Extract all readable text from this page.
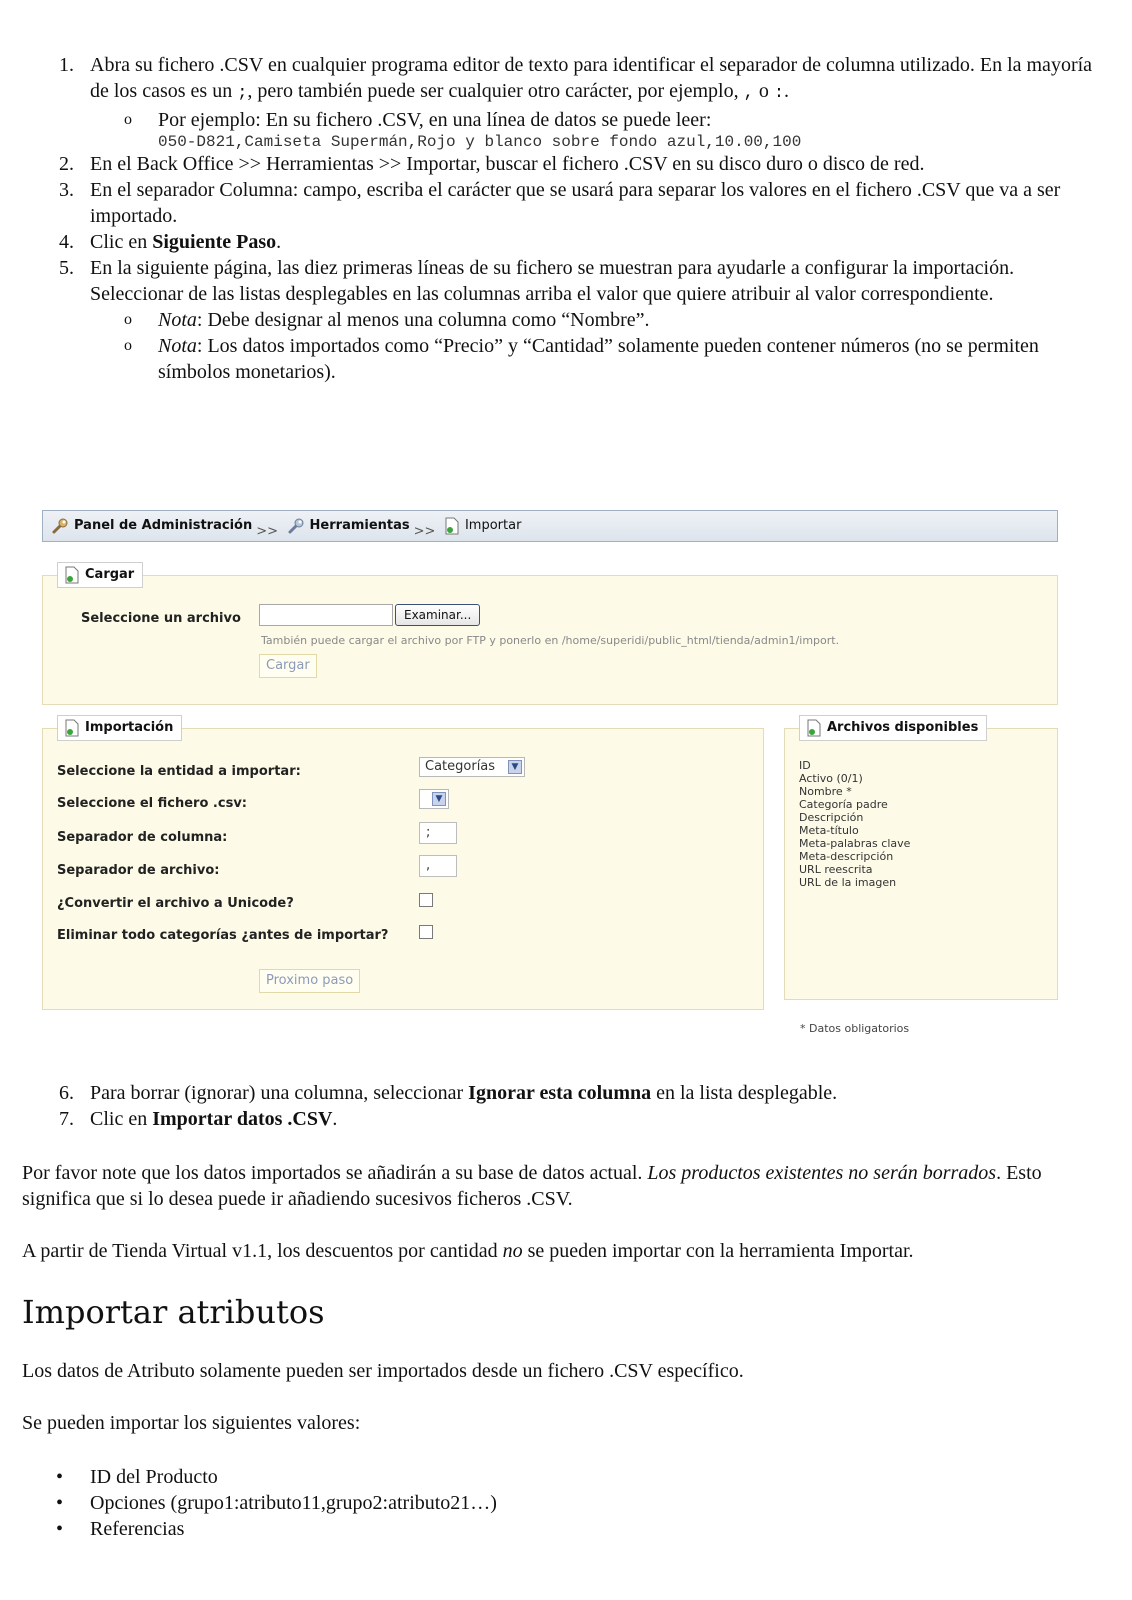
1. Abra su fichero .CSV en cualquier programa editor de texto para identificar el separador de columna utilizado. En la mayoría de los casos es un ;, pero también puede ser cualquier otro carácter, por ejemplo, , o :.
o Por ejemplo: En su fichero .CSV, en una línea de datos se puede leer:
050-D821,Camiseta Supermán,Rojo y blanco sobre fondo azul,10.00,100
2. En el Back Office >> Herramientas >> Importar, buscar el fichero .CSV en su disco duro o disco de red.
3. En el separador Columna: campo, escriba el carácter que se usará para separar los valores en el fichero .CSV que va a ser importado.
4. Clic en Siguiente Paso.
5. En la siguiente página, las diez primeras líneas de su fichero se muestran para ayudarle a configurar la importación. Seleccionar de las listas desplegables en las columnas arriba el valor que quiere atribuir al valor correspondiente.
o Nota: Debe designar al menos una columna como “Nombre”.
o Nota: Los datos importados como “Precio” y “Cantidad” solamente pueden contener números (no se permiten símbolos monetarios).
Panel de Administración >> Herramientas >> Importar
Cargar
Seleccione un archivo	Examinar...
También puede cargar el archivo por FTP y ponerlo en /home/superidi/public_html/tienda/admin1/import.
Cargar
Importación
Seleccione la entidad a importar:	Categorías	▼
Seleccione el fichero .csv:	▼
Separador de columna:	;
Separador de archivo:	,
¿Convertir el archivo a Unicode?
Eliminar todo categorías ¿antes de importar?
Proximo paso
Archivos disponibles
ID
Activo (0/1)
Nombre *
Categoría padre
Descripción
Meta-título
Meta-palabras clave
Meta-descripción
URL reescrita
URL de la imagen
* Datos obligatorios
6. Para borrar (ignorar) una columna, seleccionar Ignorar esta columna en la lista desplegable.
7. Clic en Importar datos .CSV.

Por favor note que los datos importados se añadirán a su base de datos actual. Los productos existentes no serán borrados. Esto significa que si lo desea puede ir añadiendo sucesivos ficheros .CSV.

A partir de Tienda Virtual v1.1, los descuentos por cantidad no se pueden importar con la herramienta Importar.

Importar atributos

Los datos de Atributo solamente pueden ser importados desde un fichero .CSV específico.

Se pueden importar los siguientes valores:

• ID del Producto
• Opciones (grupo1:atributo11,grupo2:atributo21…)
• Referencias
